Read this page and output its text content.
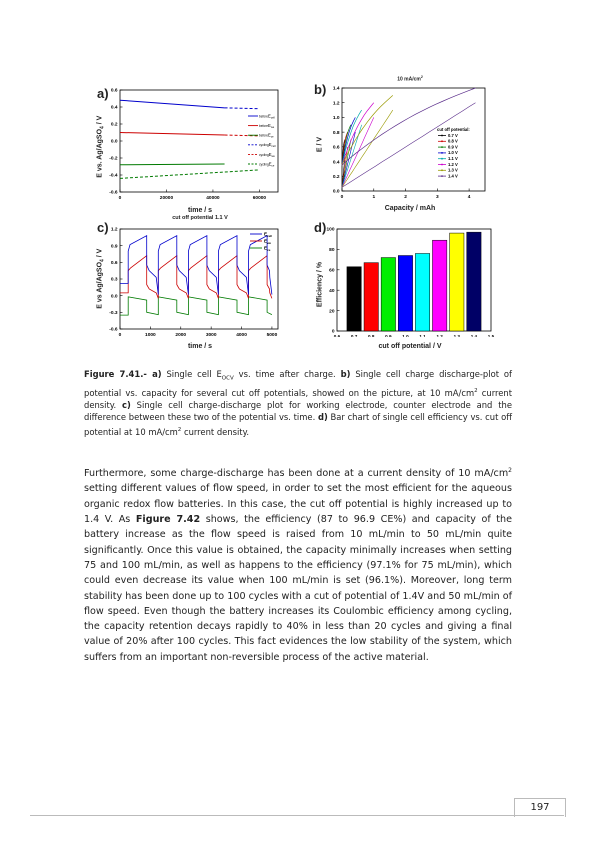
a)	b)
c)	d)
time / s
E vs. Ag/AgSO$_4$ / V
time / s
cut off potential 1.1 V
E vs Ag/AgSO$_4$ / V
Capacity / mAh
E / V
10 $mA/cm^2$
cut off potential / V
Efficiency / %
0	20000	40000	60000
-0.6
-0.4
-0.2
0.0
0.2
0.4
0.6
beforeE$_{cell}$
beforeE$_{we}$
beforeE$_{ce}$
cyclingE$_{cell}$
cyclingE$_{we}$
cyclingE$_{ce}$
0	1	2	3	4
0.0
0.2
0.4
0.6
0.8
1.0
1.2
1.4
cut off potential:
0.7 V
0.8 V
0.9 V
1.0 V
1.1 V
1.2 V
1.3 V
1.4 V
0	1000	2000	3000	4000	5000
-0.6
-0.3
0.0
0.3
0.6
0.9
1.2
$E_{cell}$
$E_{we}$
$E_{ce}$
0.6 0.7 0.8 0.9 1.0 1.1 1.2 1.3 1.4 1.5
0
20
40
60
80
100
Figure 7.41.- a) Single cell $E_{OCV}$ vs. time after charge. b) Single cell charge discharge-plot of potential vs. capacity for several cut off potentials, showed on the picture, at 10 $mA/cm^2$ current density. c) Single cell charge-discharge plot for working electrode, counter electrode and the difference between these two of the potential vs. time. d) Bar chart of single cell efficiency vs. cut off potential at 10 $mA/cm^2$ current density.
Furthermore, some charge-discharge has been done at a current density of 10 $mA/cm^2$ setting different values of flow speed, in order to set the most efficient for the aqueous organic redox flow batteries. In this case, the cut off potential is highly increased up to 1.4 V. As Figure 7.42 shows, the efficiency (87 to 96.9 CE%) and capacity of the battery increase as the flow speed is raised from 10 mL/min to 50 mL/min quite significantly. Once this value is obtained, the capacity minimally increases when setting 75 and 100 mL/min, as well as happens to the efficiency (97.1% for 75 mL/min), which could even decrease its value when 100 mL/min is set (96.1%). Moreover, long term stability has been done up to 100 cycles with a cut of potential of 1.4V and 50 mL/min of flow speed. Even though the battery increases its Coulombic efficiency among cycling, the capacity retention decays rapidly to 40% in less than 20 cycles and giving a final value of 20% after 100 cycles. This fact evidences the low stability of the system, which suffers from an important non-reversible process of the active material.
197
